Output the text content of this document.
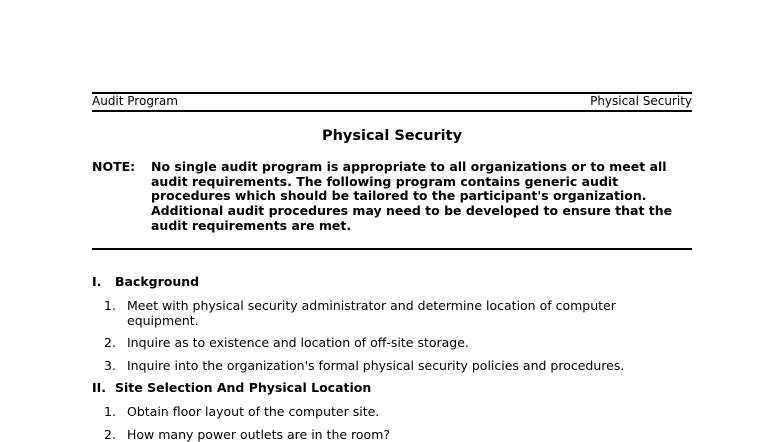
Audit Program	Physical Security
Physical Security
NOTE: No single audit program is appropriate to all organizations or to meet all audit requirements. The following program contains generic audit procedures which should be tailored to the participant's organization. Additional audit procedures may need to be developed to ensure that the audit requirements are met.
I. Background
1. Meet with physical security administrator and determine location of computer equipment.
2. Inquire as to existence and location of off-site storage.
3. Inquire into the organization's formal physical security policies and procedures.
II. Site Selection And Physical Location
1. Obtain floor layout of the computer site.
2. How many power outlets are in the room?
